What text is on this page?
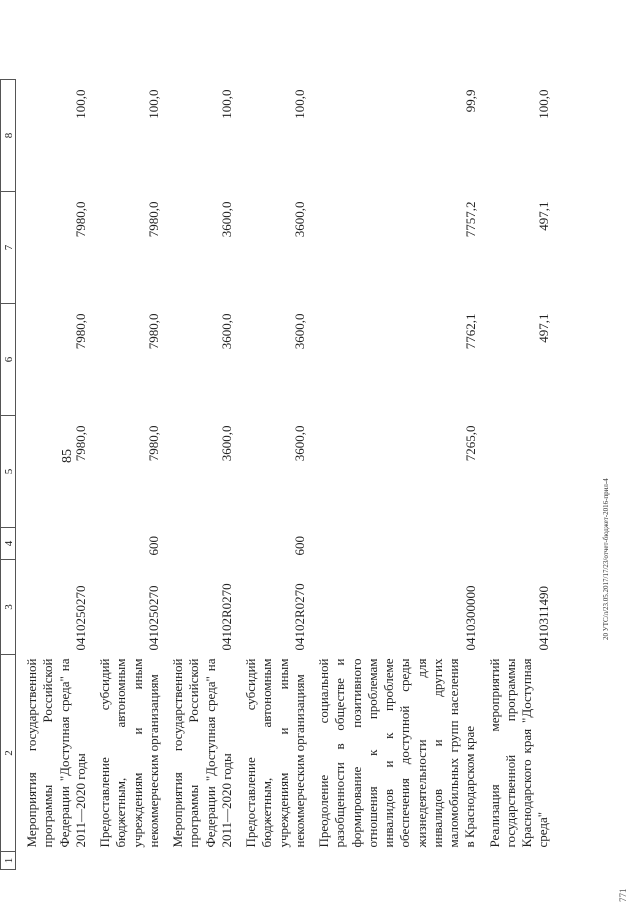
85
20 УТС/л/23.05.2017/17/23/отчет-бюджет-2016-прил-4
771
1	2	3	4	5	6	7	8
	Мероприятия государственной программы Российской Федерации "Доступная среда" на 2011—2020 годы	0410250270		7980,0	7980,0	7980,0	100,0
	Предоставление субсидий бюджетным, автономным учреждениям и иным некоммерческим организациям	0410250270	600	7980,0	7980,0	7980,0	100,0
	Мероприятия государственной программы Российской Федерации "Доступная среда" на 2011—2020 годы	04102R0270		3600,0	3600,0	3600,0	100,0
	Предоставление субсидий бюджетным, автономным учреждениям и иным некоммерческим организациям	04102R0270	600	3600,0	3600,0	3600,0	100,0
	Преодоление социальной разобщенности в обществе и формирование позитивного отношения к проблемам инвалидов и к проблеме обеспечения доступной среды жизнедеятельности для инвалидов и других маломобильных групп населения в Краснодарском крае	0410300000		7265,0	7762,1	7757,2	99,9
	Реализация мероприятий государственной программы Краснодарского края "Доступная среда"	0410311490			497,1	497,1	100,0
